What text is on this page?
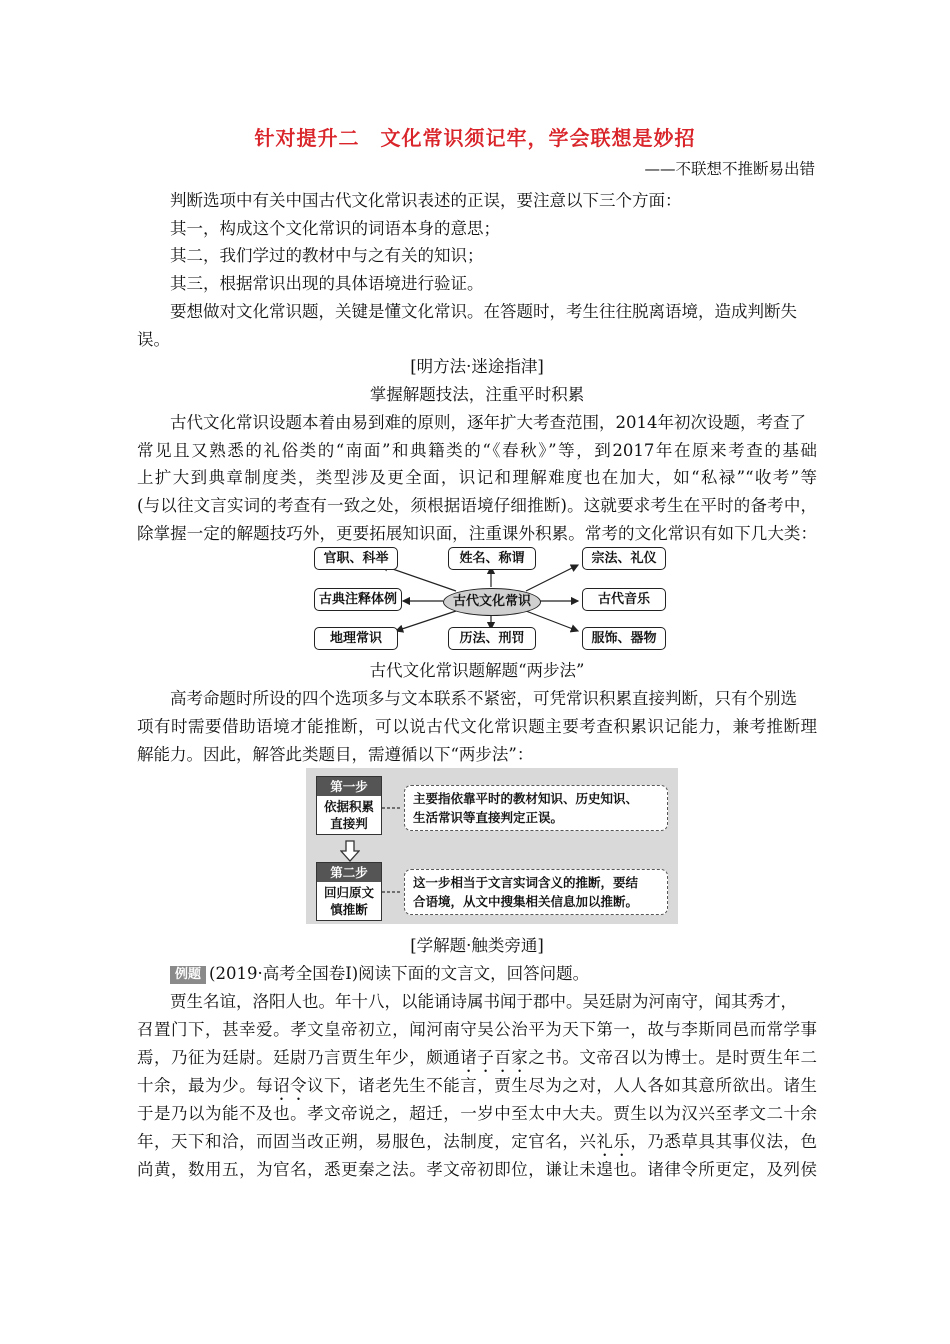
针对提升二　文化常识须记牢，学会联想是妙招
——不联想不推断易出错
判断选项中有关中国古代文化常识表述的正误，要注意以下三个方面：
其一，构成这个文化常识的词语本身的意思；
其二，我们学过的教材中与之有关的知识；
其三，根据常识出现的具体语境进行验证。
要想做对文化常识题，关键是懂文化常识。在答题时，考生往往脱离语境，造成判断失
误。
[明方法·迷途指津]
掌握解题技法，注重平时积累
古代文化常识设题本着由易到难的原则，逐年扩大考查范围，2014年初次设题，考查了
常见且又熟悉的礼俗类的“南面”和典籍类的“《春秋》”等，到2017年在原来考查的基础
上扩大到典章制度类，类型涉及更全面，识记和理解难度也在加大，如“私禄”“收考”等
(与以往文言实词的考查有一致之处，须根据语境仔细推断)。这就要求考生在平时的备考中，
除掌握一定的解题技巧外，更要拓展知识面，注重课外积累。常考的文化常识有如下几大类：
官职、科举	姓名、称谓	宗法、礼仪
古典注释体例	古代文化常识	古代音乐
地理常识	历法、刑罚	服饰、器物
古代文化常识题解题“两步法”
高考命题时所设的四个选项多与文本联系不紧密，可凭常识积累直接判断，只有个别选
项有时需要借助语境才能推断，可以说古代文化常识题主要考查积累识记能力，兼考推断理
解能力。因此，解答此类题目，需遵循以下“两步法”：
第一步
依据积累
直接判
第二步
回归原文
慎推断
主要指依靠平时的教材知识、历史知识、
生活常识等直接判定正误。
这一步相当于文言实词含义的推断，要结
合语境，从文中搜集相关信息加以推断。
[学解题·触类旁通]
例题 (2019·高考全国卷Ⅰ)阅读下面的文言文，回答问题。
贾生名谊，洛阳人也。年十八，以能诵诗属书闻于郡中。吴廷尉为河南守，闻其秀才，
召置门下，甚幸爱。孝文皇帝初立，闻河南守吴公治平为天下第一，故与李斯同邑而常学事
焉，乃征为廷尉。廷尉乃言贾生年少，颇通诸子百家之书。文帝召以为博士。是时贾生年二
十余，最为少。每诏令议下，诸老先生不能言，贾生尽为之对，人人各如其意所欲出。诸生
于是乃以为能不及也。孝文帝说之，超迁，一岁中至太中大夫。贾生以为汉兴至孝文二十余
年，天下和洽，而固当改正朔，易服色，法制度，定官名，兴礼乐，乃悉草具其事仪法，色
尚黄，数用五，为官名，悉更秦之法。孝文帝初即位，谦让未遑也。诸律令所更定，及列侯
